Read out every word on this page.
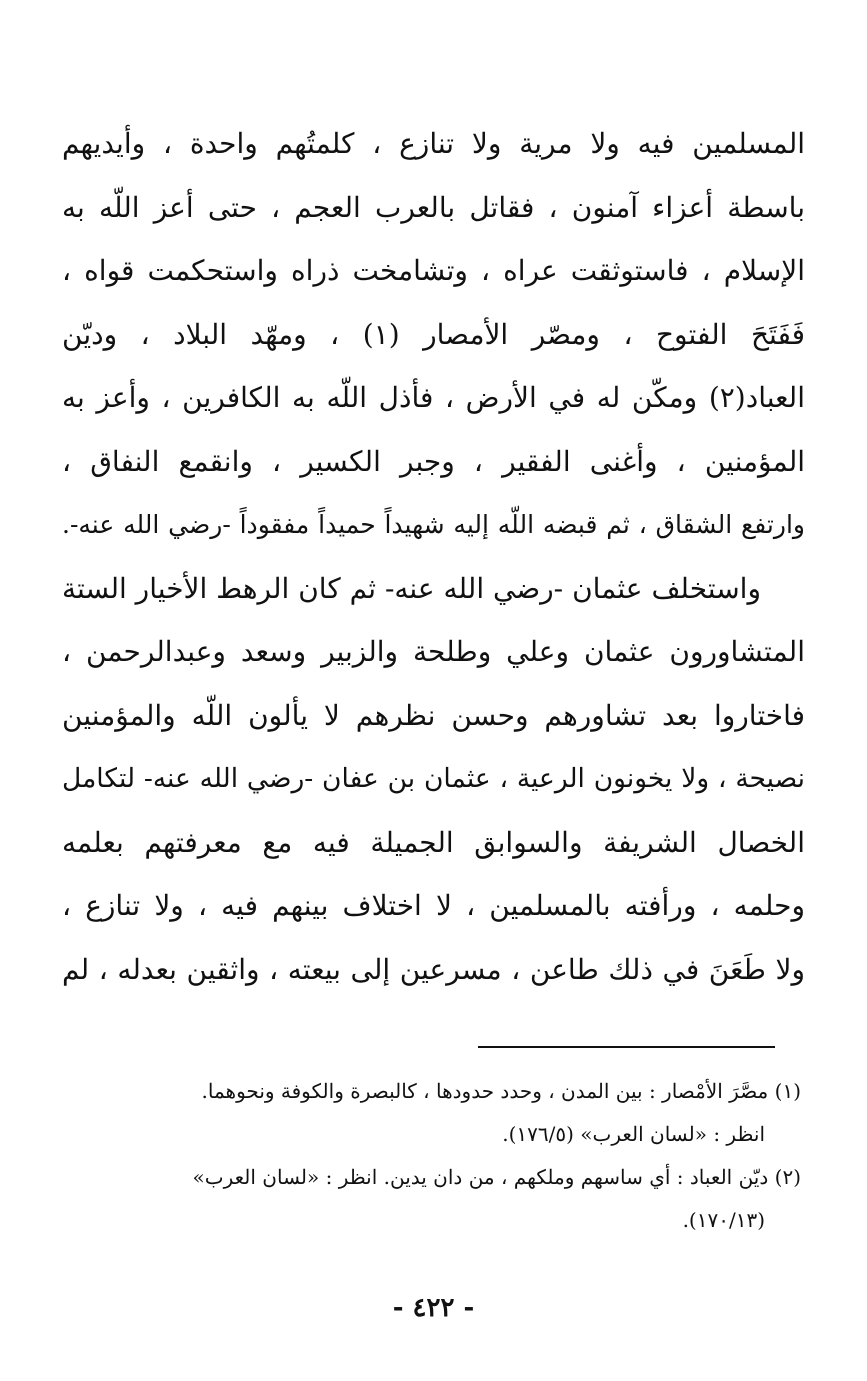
المسلمين فيه ولا مرية ولا تنازع ، كلمتُهم واحدة ، وأيديهم
باسطة أعزاء آمنون ، فقاتل بالعرب العجم ، حتى أعز اللّه به
الإسلام ، فاستوثقت عراه ، وتشامخت ذراه واستحكمت قواه ،
فَفَتَحَ الفتوح ، ومصّر الأمصار (١) ، ومهّد البلاد ، وديّن
العباد(٢) ومكّن له في الأرض ، فأذل اللّه به الكافرين ، وأعز به
المؤمنين ، وأغنى الفقير ، وجبر الكسير ، وانقمع النفاق ،
وارتفع الشقاق ، ثم قبضه اللّه إليه شهيداً حميداً مفقوداً -رضي الله عنه-.
واستخلف عثمان -رضي الله عنه- ثم كان الرهط الأخيار الستة
المتشاورون عثمان وعلي وطلحة والزبير وسعد وعبدالرحمن ،
فاختاروا بعد تشاورهم وحسن نظرهم لا يألون اللّه والمؤمنين
نصيحة ، ولا يخونون الرعية ، عثمان بن عفان -رضي الله عنه- لتكامل
الخصال الشريفة والسوابق الجميلة فيه مع معرفتهم بعلمه
وحلمه ، ورأفته بالمسلمين ، لا اختلاف بينهم فيه ، ولا تنازع ،
ولا طَعَنَ في ذلك طاعن ، مسرعين إلى بيعته ، واثقين بعدله ، لم
(١) مصَّرَ الأمْصار : بين المدن ، وحدد حدودها ، كالبصرة والكوفة ونحوهما.
انظر : «لسان العرب» (١٧٦/٥).
(٢) ديّن العباد : أي ساسهم وملكهم ، من دان يدين. انظر : «لسان العرب»
(١٧٠/١٣).
- ٤٢٢ -
